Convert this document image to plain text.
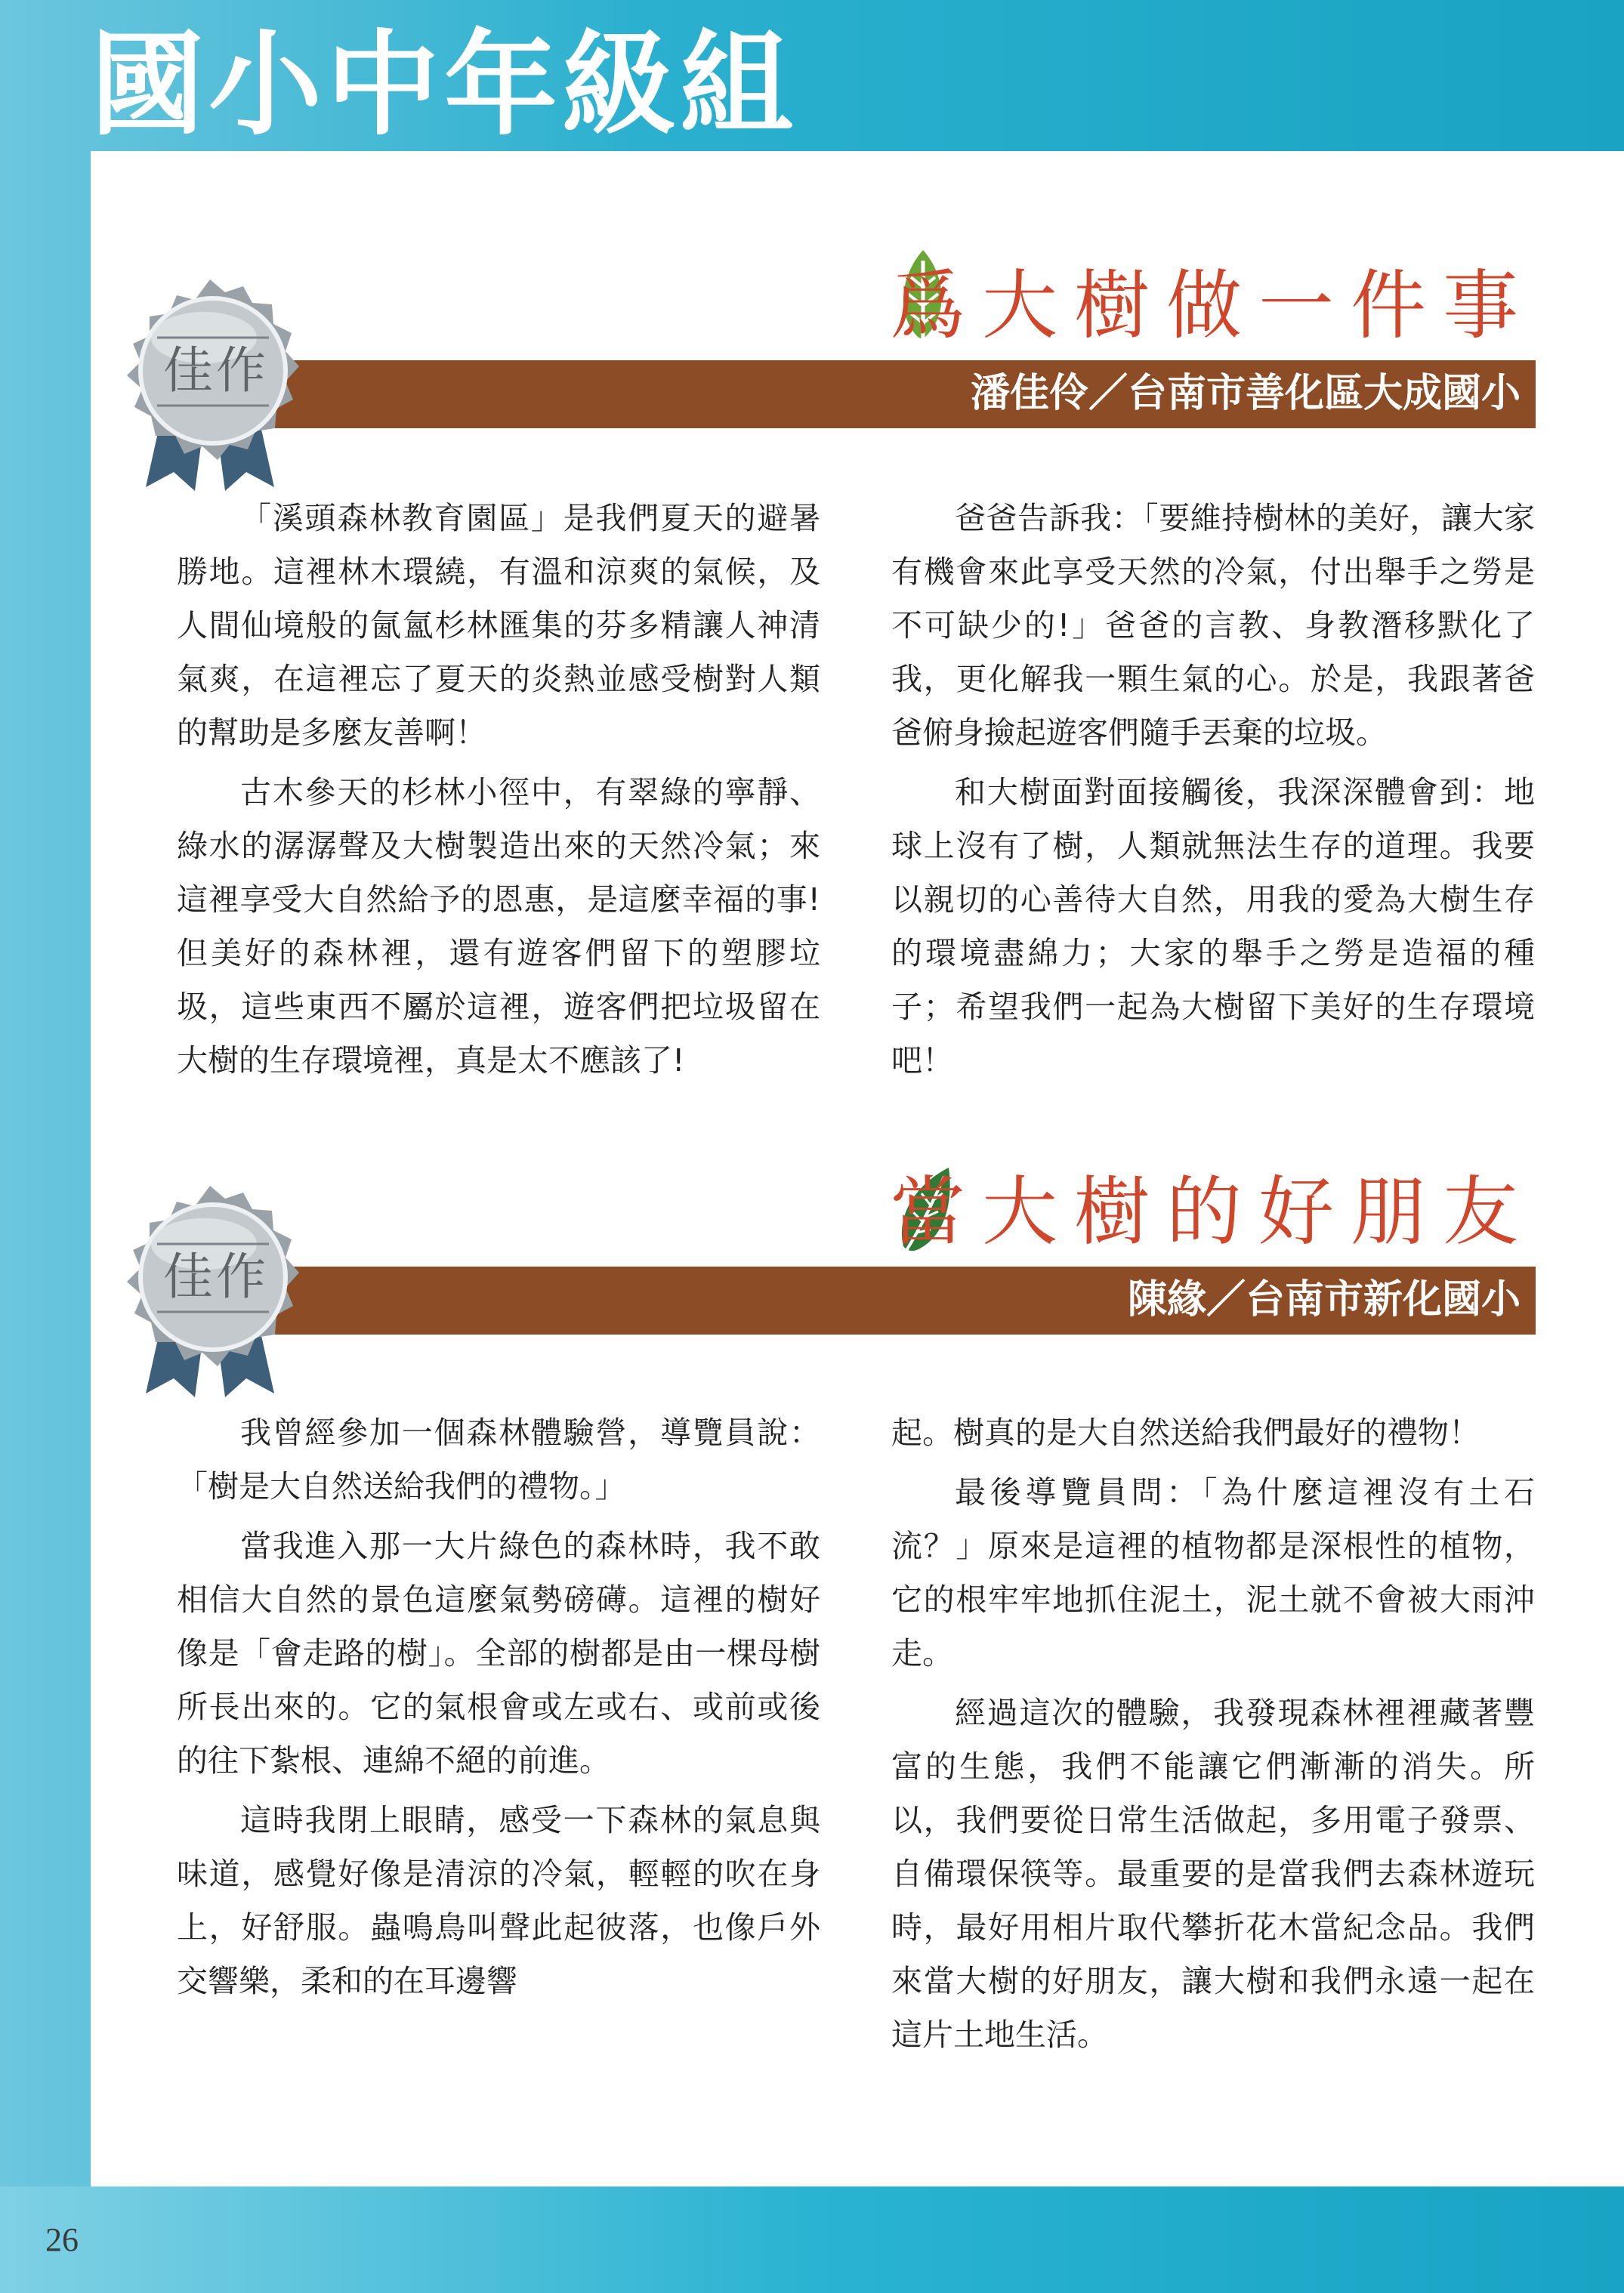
國小中年級組
26
爲大樹做一件事
潘佳伶／台南市善化區大成國小
佳作

「溪頭森林教育園區」是我們夏天的避暑勝地。這裡林木環繞，有溫和涼爽的氣候，及人間仙境般的氤氳杉林匯集的芬多精讓人神清氣爽，在這裡忘了夏天的炎熱並感受樹對人類的幫助是多麼友善啊！

古木參天的杉林小徑中，有翠綠的寧靜、綠水的潺潺聲及大樹製造出來的天然冷氣；來這裡享受大自然給予的恩惠，是這麼幸福的事!但美好的森林裡，還有遊客們留下的塑膠垃圾，這些東西不屬於這裡，遊客們把垃圾留在大樹的生存環境裡，真是太不應該了!

爸爸告訴我：「要維持樹林的美好，讓大家有機會來此享受天然的冷氣，付出舉手之勞是不可缺少的!」爸爸的言教、身教潛移默化了我，更化解我一顆生氣的心。於是，我跟著爸爸俯身撿起遊客們隨手丟棄的垃圾。

和大樹面對面接觸後，我深深體會到：地球上沒有了樹，人類就無法生存的道理。我要以親切的心善待大自然，用我的愛為大樹生存的環境盡綿力；大家的舉手之勞是造福的種子；希望我們一起為大樹留下美好的生存環境吧！

當大樹的好朋友
陳緣／台南市新化國小
佳作

我曾經參加一個森林體驗營，導覽員說：「樹是大自然送給我們的禮物。」

當我進入那一大片綠色的森林時，我不敢相信大自然的景色這麼氣勢磅礡。這裡的樹好像是「會走路的樹」。全部的樹都是由一棵母樹所長出來的。它的氣根會或左或右、或前或後的往下紮根、連綿不絕的前進。

這時我閉上眼睛，感受一下森林的氣息與味道，感覺好像是清涼的冷氣，輕輕的吹在身上，好舒服。蟲鳴鳥叫聲此起彼落，也像戶外交響樂，柔和的在耳邊響

起。樹真的是大自然送給我們最好的禮物！

最後導覽員問：「為什麼這裡沒有土石流？」原來是這裡的植物都是深根性的植物，它的根牢牢地抓住泥土，泥土就不會被大雨沖走。

經過這次的體驗，我發現森林裡裡藏著豐富的生態，我們不能讓它們漸漸的消失。所以，我們要從日常生活做起，多用電子發票、自備環保筷等。最重要的是當我們去森林遊玩時，最好用相片取代攀折花木當紀念品。我們來當大樹的好朋友，讓大樹和我們永遠一起在這片土地生活。
